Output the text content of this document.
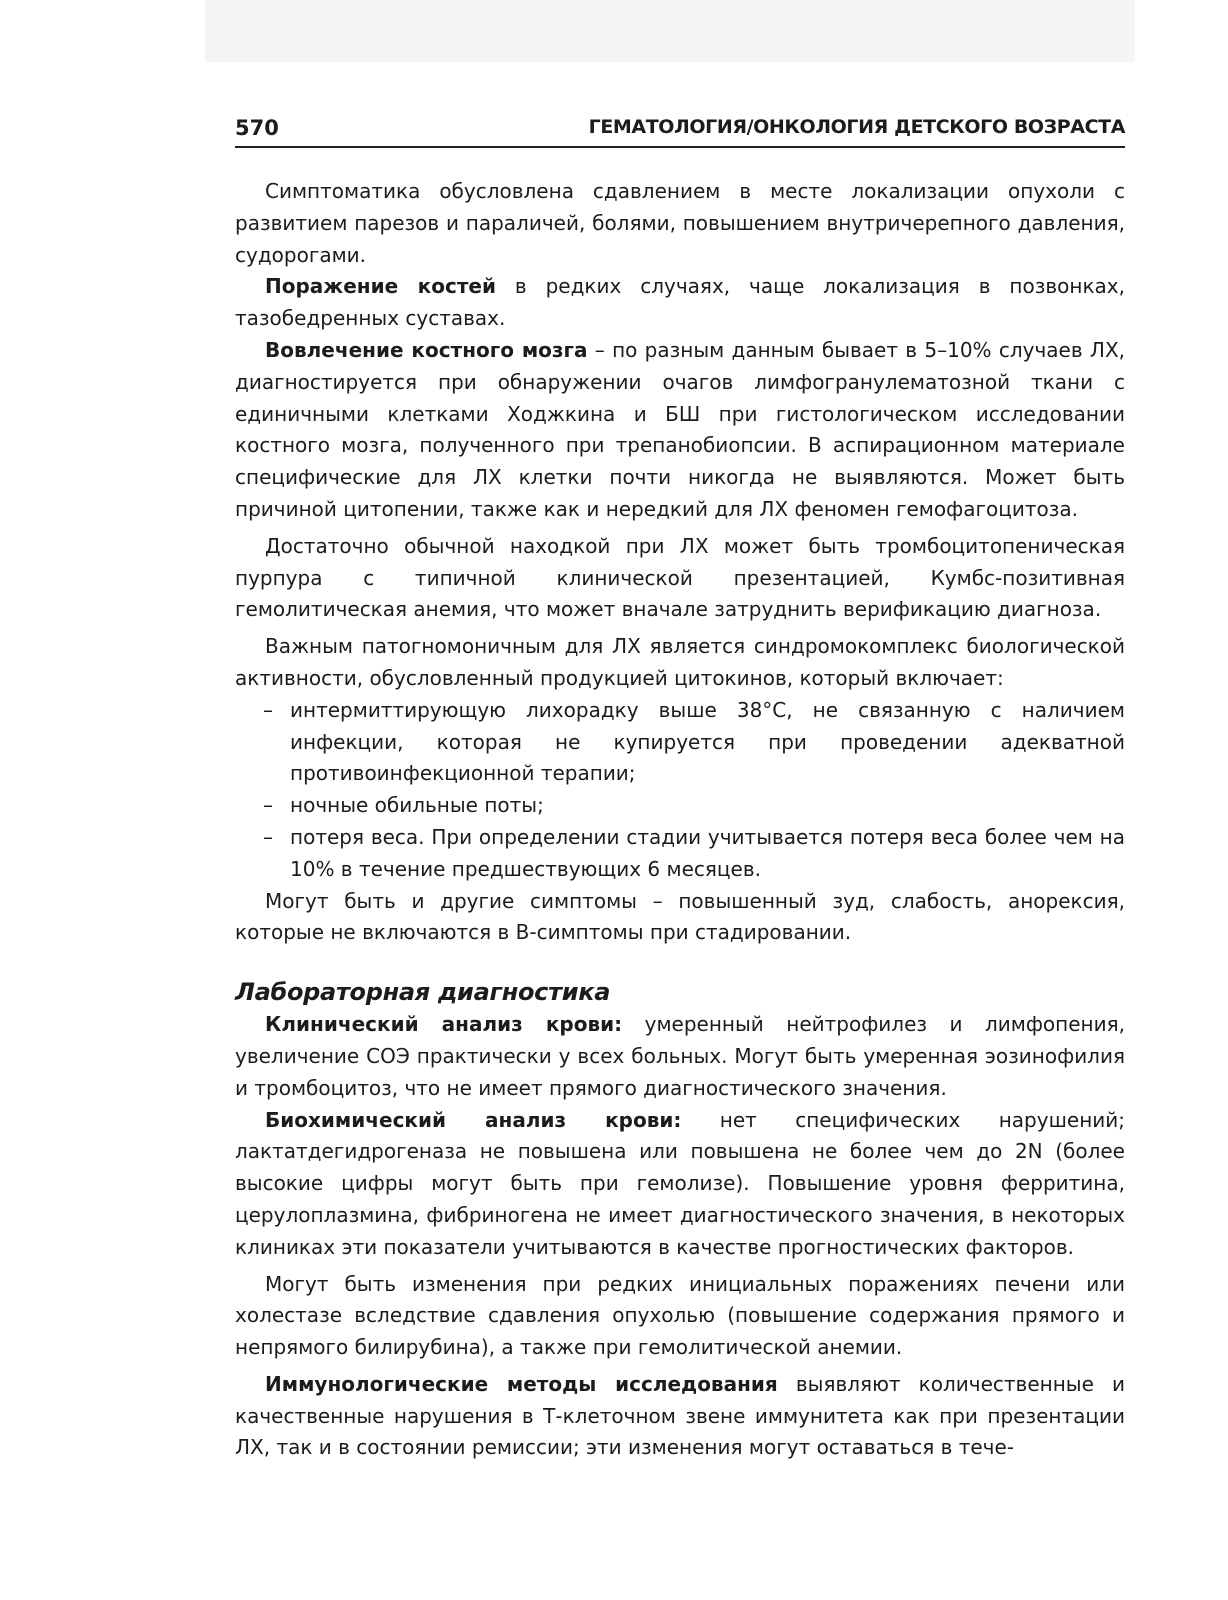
570	ГЕМАТОЛОГИЯ/ОНКОЛОГИЯ ДЕТСКОГО ВОЗРАСТА

Симптоматика обусловлена сдавлением в месте локализации опухоли с развитием парезов и параличей, болями, повышением внутричерепного давления, судорогами.

Поражение костей в редких случаях, чаще локализация в позвонках, тазобедренных суставах.

Вовлечение костного мозга – по разным данным бывает в 5–10% случаев ЛХ, диагностируется при обнаружении очагов лимфогранулематозной ткани с единичными клетками Ходжкина и БШ при гистологическом исследовании костного мозга, полученного при трепанобиопсии. В аспирационном материале специфические для ЛХ клетки почти никогда не выявляются. Может быть причиной цитопении, также как и нередкий для ЛХ феномен гемофагоцитоза.

Достаточно обычной находкой при ЛХ может быть тромбоцитопеническая пурпура с типичной клинической презентацией, Кумбс-позитивная гемолитическая анемия, что может вначале затруднить верификацию диагноза.

Важным патогномоничным для ЛХ является синдромокомплекс биологической активности, обусловленный продукцией цитокинов, который включает:

– интермиттирующую лихорадку выше 38°С, не связанную с наличием инфекции, которая не купируется при проведении адекватной противоинфекционной терапии;
– ночные обильные поты;
– потеря веса. При определении стадии учитывается потеря веса более чем на 10% в течение предшествующих 6 месяцев.

Могут быть и другие симптомы – повышенный зуд, слабость, анорексия, которые не включаются в В-симптомы при стадировании.

Лабораторная диагностика

Клинический анализ крови: умеренный нейтрофилез и лимфопения, увеличение СОЭ практически у всех больных. Могут быть умеренная эозинофилия и тромбоцитоз, что не имеет прямого диагностического значения.

Биохимический анализ крови: нет специфических нарушений; лактатдегидрогеназа не повышена или повышена не более чем до 2N (более высокие цифры могут быть при гемолизе). Повышение уровня ферритина, церулоплазмина, фибриногена не имеет диагностического значения, в некоторых клиниках эти показатели учитываются в качестве прогностических факторов.

Могут быть изменения при редких инициальных поражениях печени или холестазе вследствие сдавления опухолью (повышение содержания прямого и непрямого билирубина), а также при гемолитической анемии.

Иммунологические методы исследования выявляют количественные и качественные нарушения в Т-клеточном звене иммунитета как при презентации ЛХ, так и в состоянии ремиссии; эти изменения могут оставаться в тече-
